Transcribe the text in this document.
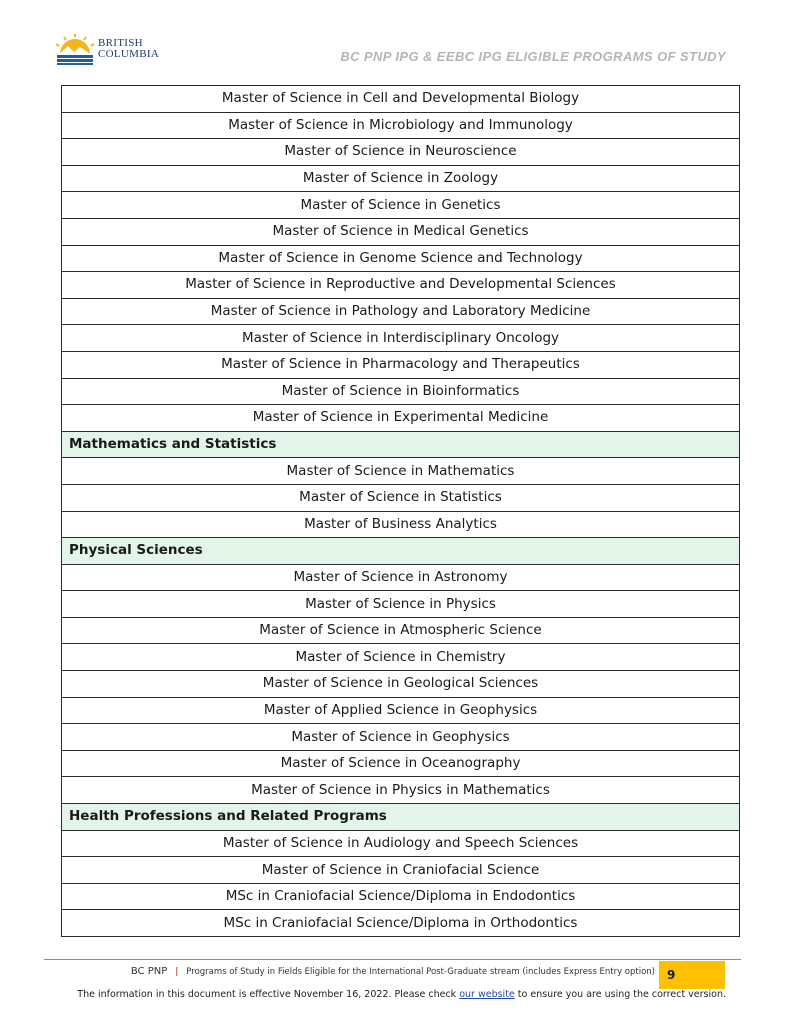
BRITISH
COLUMBIA	BC PNP IPG & EEBC IPG ELIGIBLE PROGRAMS OF STUDY
Master of Science in Cell and Developmental Biology
Master of Science in Microbiology and Immunology
Master of Science in Neuroscience
Master of Science in Zoology
Master of Science in Genetics
Master of Science in Medical Genetics
Master of Science in Genome Science and Technology
Master of Science in Reproductive and Developmental Sciences
Master of Science in Pathology and Laboratory Medicine
Master of Science in Interdisciplinary Oncology
Master of Science in Pharmacology and Therapeutics
Master of Science in Bioinformatics
Master of Science in Experimental Medicine
Mathematics and Statistics
Master of Science in Mathematics
Master of Science in Statistics
Master of Business Analytics
Physical Sciences
Master of Science in Astronomy
Master of Science in Physics
Master of Science in Atmospheric Science
Master of Science in Chemistry
Master of Science in Geological Sciences
Master of Applied Science in Geophysics
Master of Science in Geophysics
Master of Science in Oceanography
Master of Science in Physics in Mathematics
Health Professions and Related Programs
Master of Science in Audiology and Speech Sciences
Master of Science in Craniofacial Science
MSc in Craniofacial Science/Diploma in Endodontics
MSc in Craniofacial Science/Diploma in Orthodontics
BC PNP | Programs of Study in Fields Eligible for the International Post-Graduate stream (includes Express Entry option)	9
The information in this document is effective November 16, 2022. Please check our website to ensure you are using the correct version.
